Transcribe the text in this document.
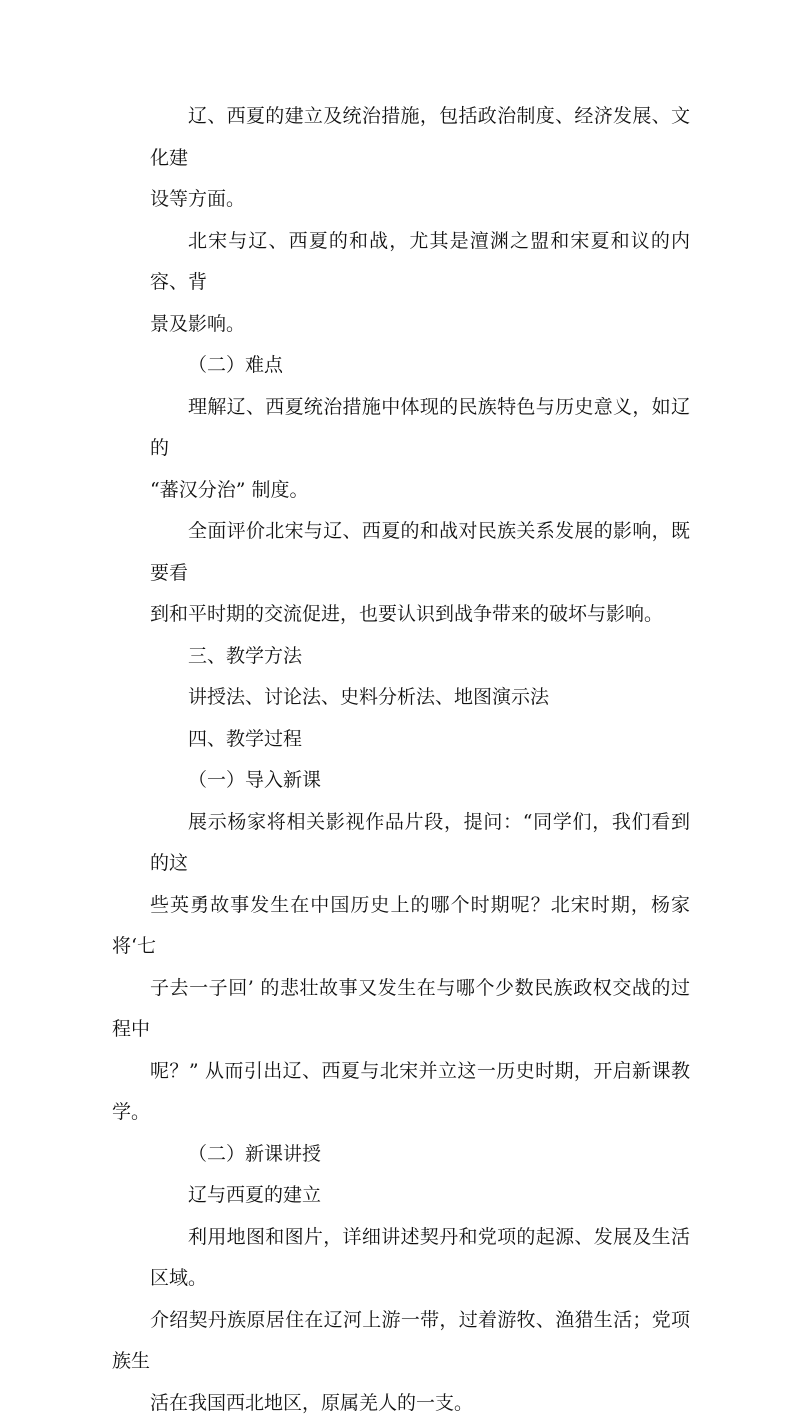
辽、西夏的建立及统治措施，包括政治制度、经济发展、文化建
设等方面。

北宋与辽、西夏的和战，尤其是澶渊之盟和宋夏和议的内容、背
景及影响。

（二）难点

理解辽、西夏统治措施中体现的民族特色与历史意义，如辽的
“蕃汉分治” 制度。

全面评价北宋与辽、西夏的和战对民族关系发展的影响，既要看
到和平时期的交流促进，也要认识到战争带来的破坏与影响。

三、教学方法

讲授法、讨论法、史料分析法、地图演示法

四、教学过程

（一）导入新课

展示杨家将相关影视作品片段，提问：“同学们，我们看到的这
些英勇故事发生在中国历史上的哪个时期呢？北宋时期，杨家将‘七
子去一子回’ 的悲壮故事又发生在与哪个少数民族政权交战的过程中
呢？” 从而引出辽、西夏与北宋并立这一历史时期，开启新课教学。

（二）新课讲授

辽与西夏的建立

利用地图和图片，详细讲述契丹和党项的起源、发展及生活区域。
介绍契丹族原居住在辽河上游一带，过着游牧、渔猎生活；党项族生
活在我国西北地区，原属羌人的一支。
